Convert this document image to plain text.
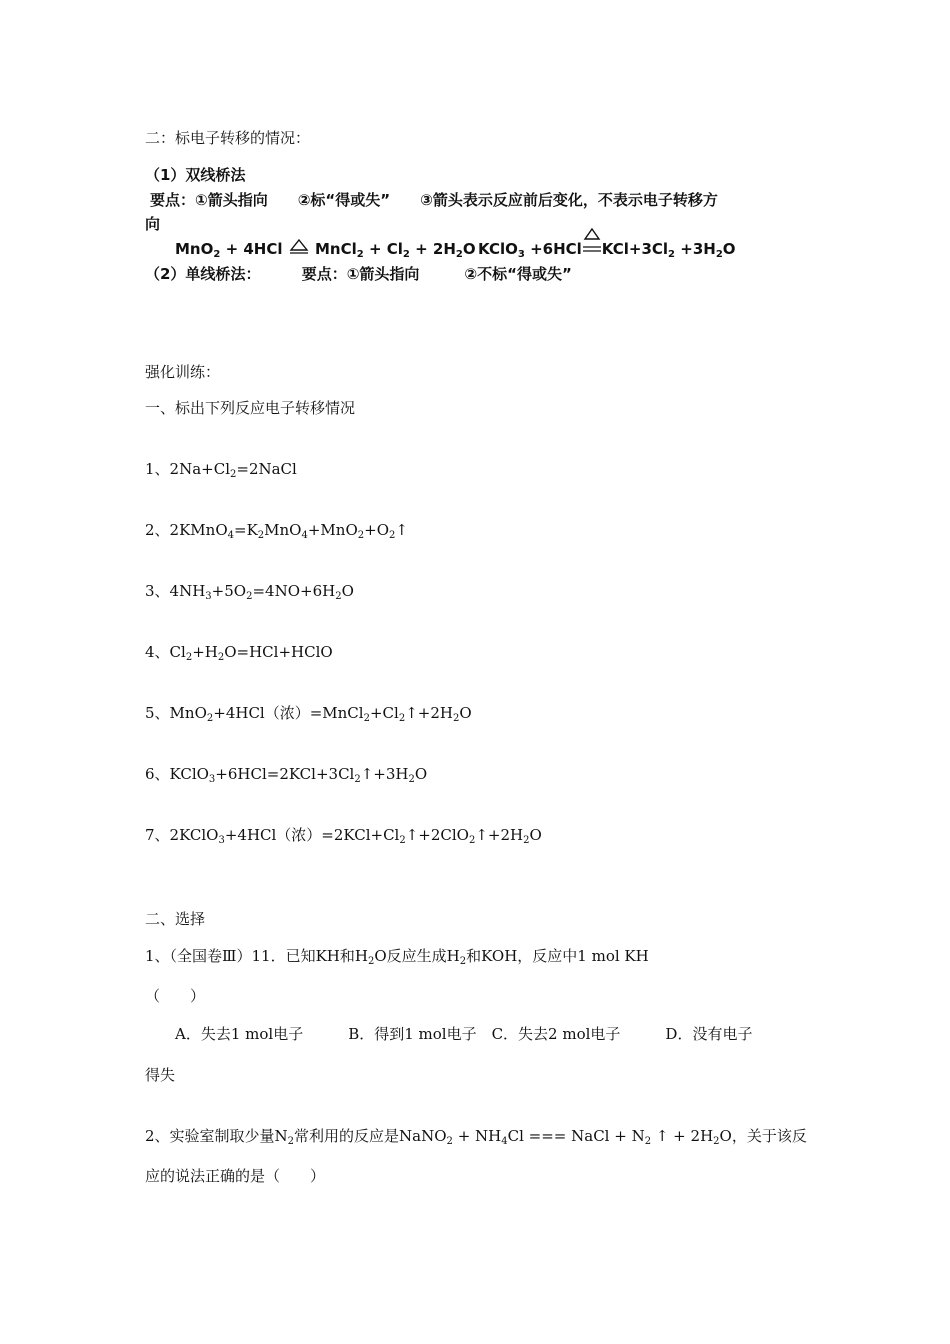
二：标电子转移的情况：
（1）双线桥法
要点：①箭头指向　　②标“得或失”　　③箭头表示反应前后变化，不表示电子转移方
向
MnO$_2$ + 4HCl MnCl$_2$ + $Cl_2 + 2H_2O$ KClO$_3$ +6HCl $KCl+3Cl_2 +3H_2O$
（2）单线桥法：	要点：①箭头指向　　　②不标“得或失”
强化训练：
一、标出下列反应电子转移情况
1、$2Na+Cl_2=2NaCl$
2、$2KMnO_4=K_2MnO_4+MnO_2+O_2↑$
3、$4NH_3+5O_2=4NO+6H_2O$
4、$Cl_2+H_2O=HCl+HClO$
5、MnO$_2$+4HCl（浓）$=MnCl_2+Cl_2↑+2H_2O$
6、$KClO_3+6HCl=2KCl+3Cl_2↑+3H_2O$
7、2KClO$_3$+4HCl（浓）$=2KCl+Cl_2↑+2ClO_2↑+2H_2O$
二、选择
1、（全国卷Ⅲ）11．已知KH和$H_2O$反应生成$H_2$和KOH，反应中1 mol KH
（　　）
A．失去1 mol电子　　　B．得到1 mol电子　C．失去2 mol电子　　　D．没有电子
得失
2、实验室制取少量$N_2$常利用的反应是NaNO$_2$ + $NH_4Cl$ === NaCl + $N_2$ ↑ + $2H_2O$，关于该反
应的说法正确的是（　　）
